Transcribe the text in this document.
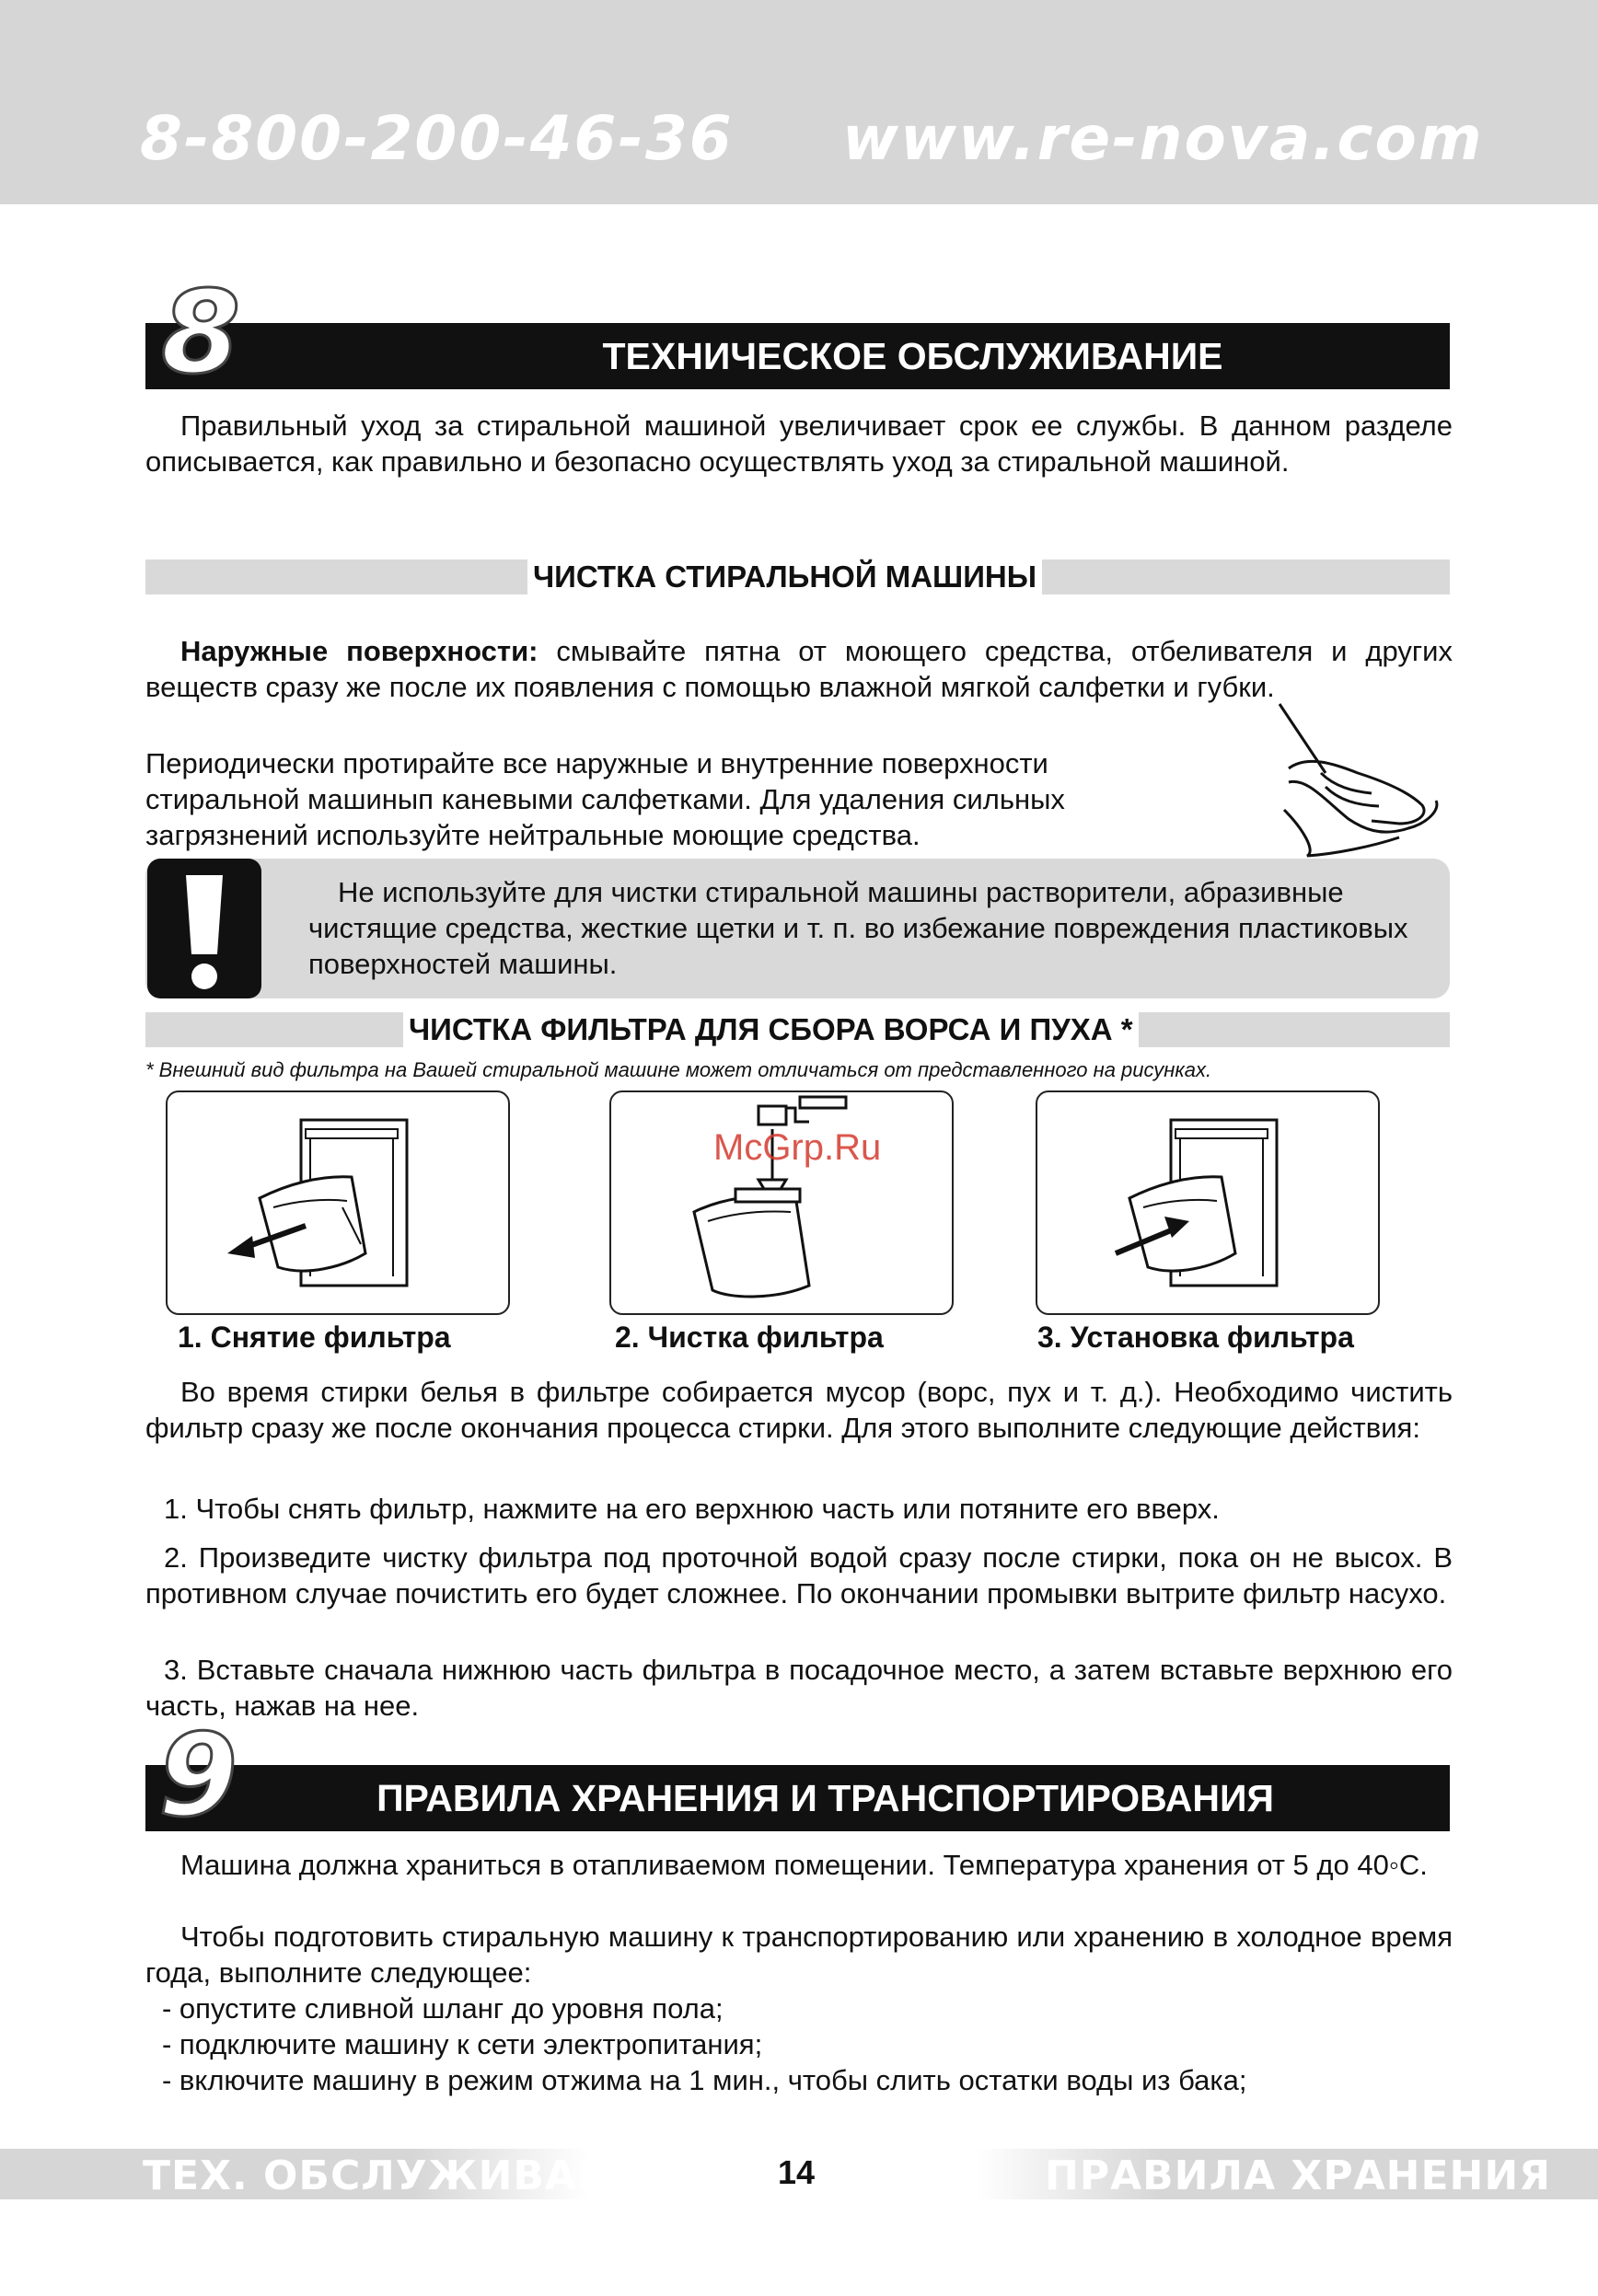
8-800-200-46-36 www.re-nova.com
ТЕХНИЧЕСКОЕ ОБСЛУЖИВАНИЕ
8
Правильный уход за стиральной машиной увеличивает срок ее службы. В данном разделе описывается, как правильно и безопасно осуществлять уход за стиральной машиной.
ЧИСТКА СТИРАЛЬНОЙ МАШИНЫ
Наружные поверхности: смывайте пятна от моющего средства, отбеливателя и других веществ сразу же после их появления с помощью влажной мягкой салфетки и губки.
Периодически протирайте все наружные и внутренние поверхности стиральной машинып каневыми салфетками. Для удаления сильных загрязнений используйте нейтральные моющие средства.
Не используйте для чистки стиральной машины растворители, абразивные чистящие средства, жесткие щетки и т. п. во избежание повреждения пластиковых поверхностей машины.
ЧИСТКА ФИЛЬТРА ДЛЯ СБОРА ВОРСА И ПУХА *
* Внешний вид фильтра на Вашей стиральной машине может отличаться от представленного на рисунках.
1. Снятие фильтра	2. Чистка фильтра
McGrp.Ru
3. Установка фильтра
Во время стирки белья в фильтре собирается мусор (ворс, пух и т. д.). Необходимо чистить фильтр сразу же после окончания процесса стирки. Для этого выполните следующие действия:
1. Чтобы снять фильтр, нажмите на его верхнюю часть или потяните его вверх.
2. Произведите чистку фильтра под проточной водой сразу после стирки, пока он не высох. В противном случае почистить его будет сложнее. По окончании промывки вытрите фильтр насухо.
3. Вставьте сначала нижнюю часть фильтра в посадочное место, а затем вставьте верхнюю его часть, нажав на нее.
ПРАВИЛА ХРАНЕНИЯ И ТРАНСПОРТИРОВАНИЯ
9
Машина должна храниться в отапливаемом помещении. Температура хранения от 5 до 40◦С.
Чтобы подготовить стиральную машину к транспортированию или хранению в холодное время года, выполните следующее:
- опустите сливной шланг до уровня пола;
- подключите машину к сети электропитания;
- включите машину в режим отжима на 1 мин., чтобы слить остатки воды из бака;
ТЕХ. ОБСЛУЖИВАНИЕ	14	ПРАВИЛА ХРАНЕНИЯ
